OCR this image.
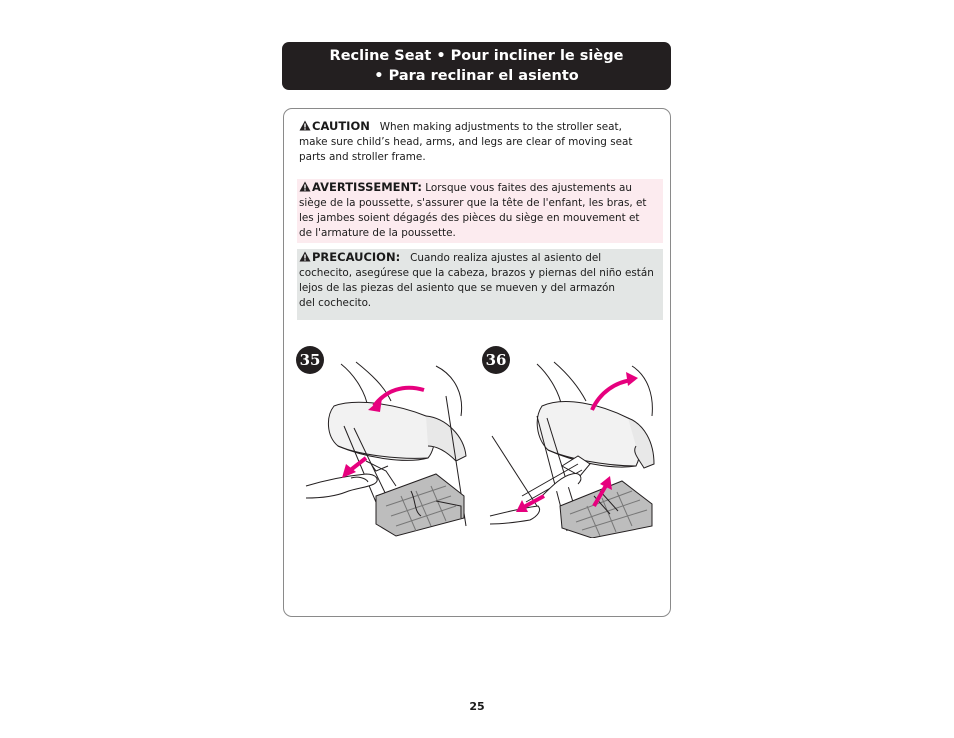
Recline Seat • Pour incliner le siège
• Para reclinar el asiento
CAUTION When making adjustments to the stroller seat,
make sure child’s head, arms, and legs are clear of moving seat
parts and stroller frame.
AVERTISSEMENT: Lorsque vous faites des ajustements au
siège de la poussette, s'assurer que la tête de l'enfant, les bras, et
les jambes soient dégagés des pièces du siège en mouvement et
de l'armature de la poussette.
PRECAUCION: Cuando realiza ajustes al asiento del
cochecito, asegúrese que la cabeza, brazos y piernas del niño están
lejos de las piezas del asiento que se mueven y del armazón
del cochecito.
35	36
25
